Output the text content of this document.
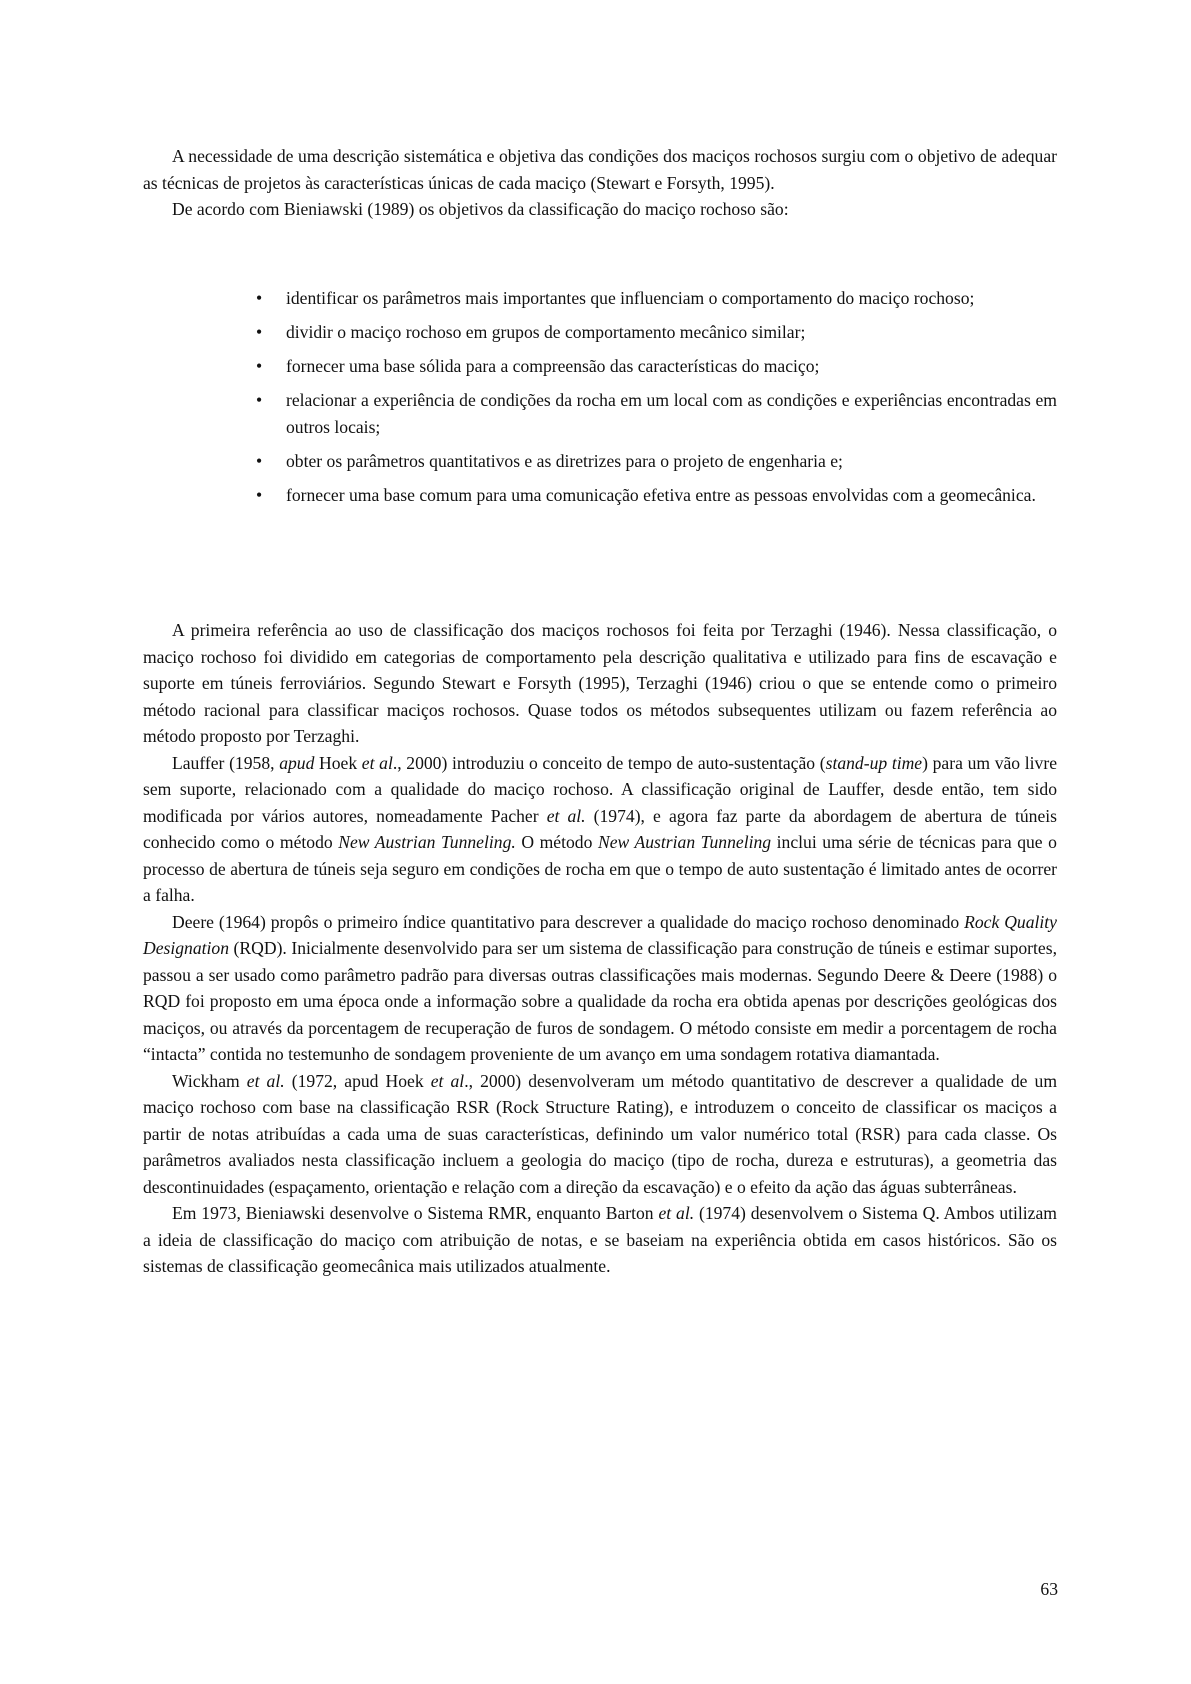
A necessidade de uma descrição sistemática e objetiva das condições dos maciços rochosos surgiu com o objetivo de adequar as técnicas de projetos às características únicas de cada maciço (Stewart e Forsyth, 1995).

De acordo com Bieniawski (1989) os objetivos da classificação do maciço rochoso são:

•	identificar os parâmetros mais importantes que influenciam o comportamento do maciço rochoso;
•	dividir o maciço rochoso em grupos de comportamento mecânico similar;
•	fornecer uma base sólida para a compreensão das características do maciço;
•	relacionar a experiência de condições da rocha em um local com as condições e experiências encontradas em outros locais;
•	obter os parâmetros quantitativos e as diretrizes para o projeto de engenharia e;
•	fornecer uma base comum para uma comunicação efetiva entre as pessoas envolvidas com a geomecânica.

A primeira referência ao uso de classificação dos maciços rochosos foi feita por Terzaghi (1946). Nessa classificação, o maciço rochoso foi dividido em categorias de comportamento pela descrição qualitativa e utilizado para fins de escavação e suporte em túneis ferroviários. Segundo Stewart e Forsyth (1995), Terzaghi (1946) criou o que se entende como o primeiro método racional para classificar maciços rochosos. Quase todos os métodos subsequentes utilizam ou fazem referência ao método proposto por Terzaghi.

Lauffer (1958, apud Hoek et al., 2000) introduziu o conceito de tempo de auto-sustentação (stand-up time) para um vão livre sem suporte, relacionado com a qualidade do maciço rochoso. A classificação original de Lauffer, desde então, tem sido modificada por vários autores, nomeadamente Pacher et al. (1974), e agora faz parte da abordagem de abertura de túneis conhecido como o método New Austrian Tunneling. O método New Austrian Tunneling inclui uma série de técnicas para que o processo de abertura de túneis seja seguro em condições de rocha em que o tempo de auto sustentação é limitado antes de ocorrer a falha.

Deere (1964) propôs o primeiro índice quantitativo para descrever a qualidade do maciço rochoso denominado Rock Quality Designation (RQD). Inicialmente desenvolvido para ser um sistema de classificação para construção de túneis e estimar suportes, passou a ser usado como parâmetro padrão para diversas outras classificações mais modernas. Segundo Deere & Deere (1988) o RQD foi proposto em uma época onde a informação sobre a qualidade da rocha era obtida apenas por descrições geológicas dos maciços, ou através da porcentagem de recuperação de furos de sondagem. O método consiste em medir a porcentagem de rocha “intacta” contida no testemunho de sondagem proveniente de um avanço em uma sondagem rotativa diamantada.

Wickham et al. (1972, apud Hoek et al., 2000) desenvolveram um método quantitativo de descrever a qualidade de um maciço rochoso com base na classificação RSR (Rock Structure Rating), e introduzem o conceito de classificar os maciços a partir de notas atribuídas a cada uma de suas características, definindo um valor numérico total (RSR) para cada classe. Os parâmetros avaliados nesta classificação incluem a geologia do maciço (tipo de rocha, dureza e estruturas), a geometria das descontinuidades (espaçamento, orientação e relação com a direção da escavação) e o efeito da ação das águas subterrâneas.

Em 1973, Bieniawski desenvolve o Sistema RMR, enquanto Barton et al. (1974) desenvolvem o Sistema Q. Ambos utilizam a ideia de classificação do maciço com atribuição de notas, e se baseiam na experiência obtida em casos históricos. São os sistemas de classificação geomecânica mais utilizados atualmente.

63
